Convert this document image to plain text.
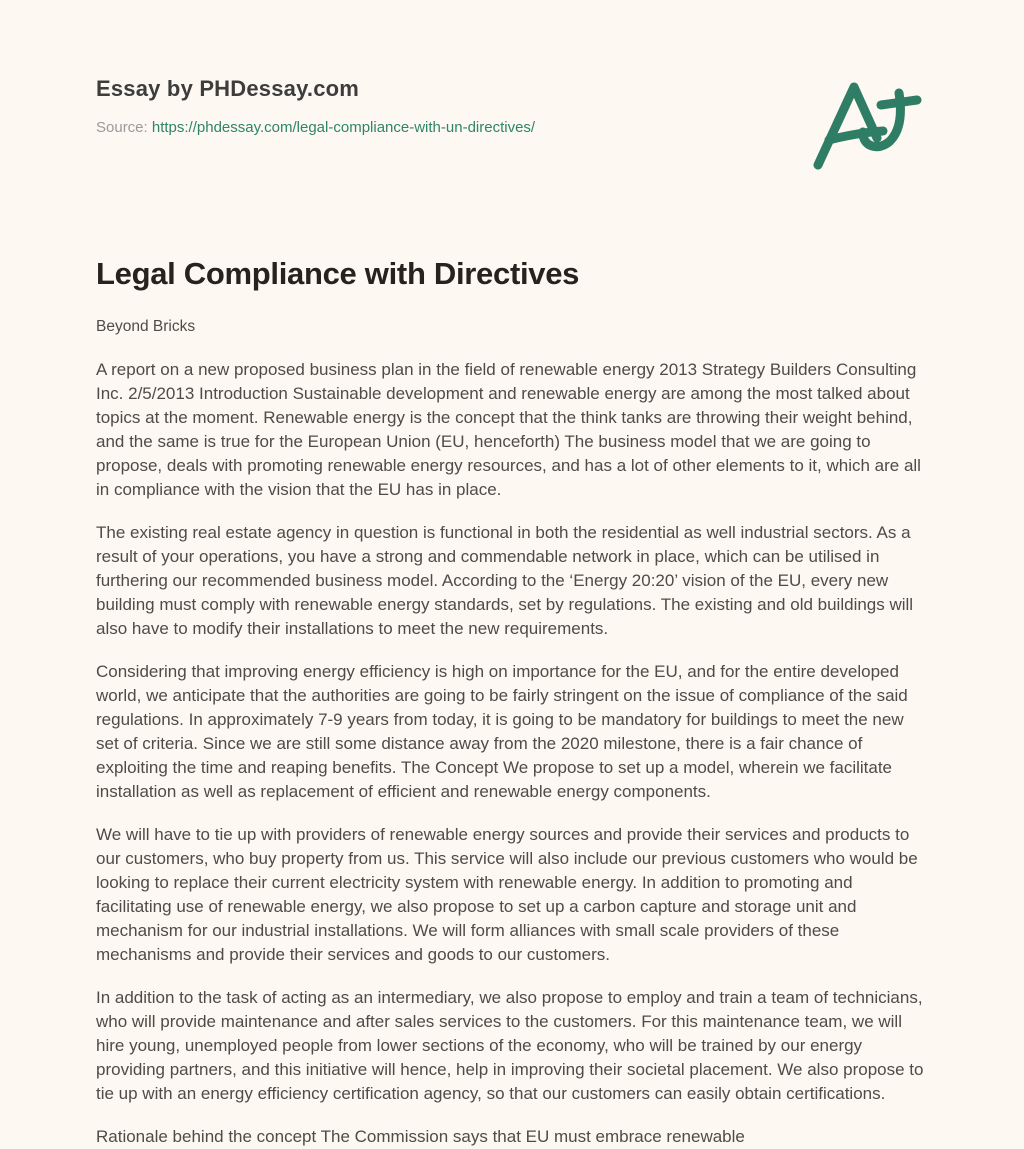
Essay by PHDessay.com
Source: https://phdessay.com/legal-compliance-with-un-directives/
Legal Compliance with Directives
Beyond Bricks

A report on a new proposed business plan in the field of renewable energy 2013 Strategy Builders Consulting Inc. 2/5/2013 Introduction Sustainable development and renewable energy are among the most talked about topics at the moment. Renewable energy is the concept that the think tanks are throwing their weight behind, and the same is true for the European Union (EU, henceforth) The business model that we are going to propose, deals with promoting renewable energy resources, and has a lot of other elements to it, which are all in compliance with the vision that the EU has in place.

The existing real estate agency in question is functional in both the residential as well industrial sectors. As a result of your operations, you have a strong and commendable network in place, which can be utilised in furthering our recommended business model. According to the ‘Energy 20:20’ vision of the EU, every new building must comply with renewable energy standards, set by regulations. The existing and old buildings will also have to modify their installations to meet the new requirements.

Considering that improving energy efficiency is high on importance for the EU, and for the entire developed world, we anticipate that the authorities are going to be fairly stringent on the issue of compliance of the said regulations. In approximately 7-9 years from today, it is going to be mandatory for buildings to meet the new set of criteria. Since we are still some distance away from the 2020 milestone, there is a fair chance of exploiting the time and reaping benefits. The Concept We propose to set up a model, wherein we facilitate installation as well as replacement of efficient and renewable energy components.

We will have to tie up with providers of renewable energy sources and provide their services and products to our customers, who buy property from us. This service will also include our previous customers who would be looking to replace their current electricity system with renewable energy. In addition to promoting and facilitating use of renewable energy, we also propose to set up a carbon capture and storage unit and mechanism for our industrial installations. We will form alliances with small scale providers of these mechanisms and provide their services and goods to our customers.

In addition to the task of acting as an intermediary, we also propose to employ and train a team of technicians, who will provide maintenance and after sales services to the customers. For this maintenance team, we will hire young, unemployed people from lower sections of the economy, who will be trained by our energy providing partners, and this initiative will hence, help in improving their societal placement. We also propose to tie up with an energy efficiency certification agency, so that our customers can easily obtain certifications.

Rationale behind the concept The Commission says that EU must embrace renewable
